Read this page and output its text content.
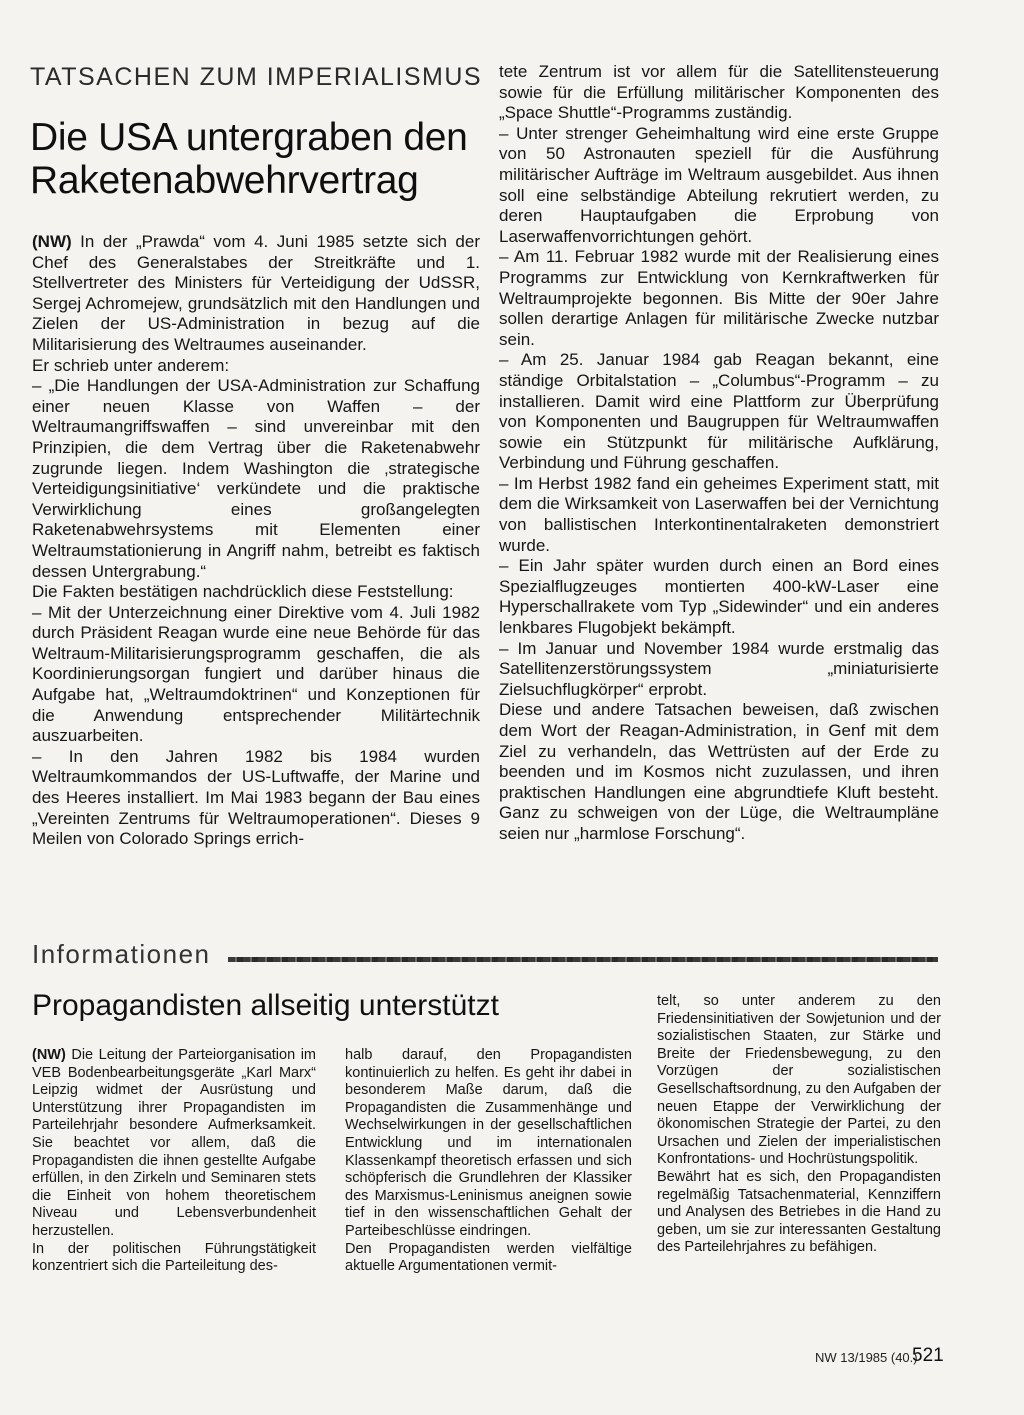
TATSACHEN ZUM IMPERIALISMUS
Die USA untergraben den Raketenabwehrvertrag

(NW) In der „Prawda“ vom 4. Juni 1985 setzte sich der Chef des Generalstabes der Streitkräfte und 1. Stellvertreter des Ministers für Verteidigung der UdSSR, Sergej Achromejew, grundsätzlich mit den Handlungen und Zielen der US-Administration in bezug auf die Militarisierung des Weltraumes auseinander.

Er schrieb unter anderem:

– „Die Handlungen der USA-Administration zur Schaffung einer neuen Klasse von Waffen – der Weltraumangriffswaffen – sind unvereinbar mit den Prinzipien, die dem Vertrag über die Raketenabwehr zugrunde liegen. Indem Washington die ‚strategische Verteidigungsinitiative‘ verkündete und die praktische Verwirklichung eines großangelegten Raketenabwehrsystems mit Elementen einer Weltraumstationierung in Angriff nahm, betreibt es faktisch dessen Untergrabung.“

Die Fakten bestätigen nachdrücklich diese Feststellung:

– Mit der Unterzeichnung einer Direktive vom 4. Juli 1982 durch Präsident Reagan wurde eine neue Behörde für das Weltraum-Militarisierungsprogramm geschaffen, die als Koordinierungsorgan fungiert und darüber hinaus die Aufgabe hat, „Weltraumdoktrinen“ und Konzeptionen für die Anwendung entsprechender Militärtechnik auszuarbeiten.

– In den Jahren 1982 bis 1984 wurden Weltraumkommandos der US-Luftwaffe, der Marine und des Heeres installiert. Im Mai 1983 begann der Bau eines „Vereinten Zentrums für Weltraumoperationen“. Dieses 9 Meilen von Colorado Springs errich-

tete Zentrum ist vor allem für die Satellitensteuerung sowie für die Erfüllung militärischer Komponenten des „Space Shuttle“-Programms zuständig.

– Unter strenger Geheimhaltung wird eine erste Gruppe von 50 Astronauten speziell für die Ausführung militärischer Aufträge im Weltraum ausgebildet. Aus ihnen soll eine selbständige Abteilung rekrutiert werden, zu deren Hauptaufgaben die Erprobung von Laserwaffenvorrichtungen gehört.

– Am 11. Februar 1982 wurde mit der Realisierung eines Programms zur Entwicklung von Kernkraftwerken für Weltraumprojekte begonnen. Bis Mitte der 90er Jahre sollen derartige Anlagen für militärische Zwecke nutzbar sein.

– Am 25. Januar 1984 gab Reagan bekannt, eine ständige Orbitalstation – „Columbus“-Programm – zu installieren. Damit wird eine Plattform zur Überprüfung von Komponenten und Baugruppen für Weltraumwaffen sowie ein Stützpunkt für militärische Aufklärung, Verbindung und Führung geschaffen.

– Im Herbst 1982 fand ein geheimes Experiment statt, mit dem die Wirksamkeit von Laserwaffen bei der Vernichtung von ballistischen Interkontinentalraketen demonstriert wurde.

– Ein Jahr später wurden durch einen an Bord eines Spezialflugzeuges montierten 400-kW-Laser eine Hyperschallrakete vom Typ „Sidewinder“ und ein anderes lenkbares Flugobjekt bekämpft.

– Im Januar und November 1984 wurde erstmalig das Satellitenzerstörungssystem „miniaturisierte Zielsuchflugkörper“ erprobt.

Diese und andere Tatsachen beweisen, daß zwischen dem Wort der Reagan-Administration, in Genf mit dem Ziel zu verhandeln, das Wettrüsten auf der Erde zu beenden und im Kosmos nicht zuzulassen, und ihren praktischen Handlungen eine abgrundtiefe Kluft besteht. Ganz zu schweigen von der Lüge, die Weltraumpläne seien nur „harmlose Forschung“.

Informationen
Propagandisten allseitig unterstützt

(NW) Die Leitung der Parteiorganisation im VEB Bodenbearbeitungsgeräte „Karl Marx“ Leipzig widmet der Ausrüstung und Unterstützung ihrer Propagandisten im Parteilehrjahr besondere Aufmerksamkeit. Sie beachtet vor allem, daß die Propagandisten die ihnen gestellte Aufgabe erfüllen, in den Zirkeln und Seminaren stets die Einheit von hohem theoretischem Niveau und Lebensverbundenheit herzustellen.

In der politischen Führungstätigkeit konzentriert sich die Parteileitung des-

halb darauf, den Propagandisten kontinuierlich zu helfen. Es geht ihr dabei in besonderem Maße darum, daß die Propagandisten die Zusammenhänge und Wechselwirkungen in der gesellschaftlichen Entwicklung und im internationalen Klassenkampf theoretisch erfassen und sich schöpferisch die Grundlehren der Klassiker des Marxismus-Leninismus aneignen sowie tief in den wissenschaftlichen Gehalt der Parteibeschlüsse eindringen.

Den Propagandisten werden vielfältige aktuelle Argumentationen vermit-

telt, so unter anderem zu den Friedensinitiativen der Sowjetunion und der sozialistischen Staaten, zur Stärke und Breite der Friedensbewegung, zu den Vorzügen der sozialistischen Gesellschaftsordnung, zu den Aufgaben der neuen Etappe der Verwirklichung der ökonomischen Strategie der Partei, zu den Ursachen und Zielen der imperialistischen Konfrontations- und Hochrüstungspolitik.

Bewährt hat es sich, den Propagandisten regelmäßig Tatsachenmaterial, Kennziffern und Analysen des Betriebes in die Hand zu geben, um sie zur interessanten Gestaltung des Parteilehrjahres zu befähigen.

NW 13/1985 (40.)
521
